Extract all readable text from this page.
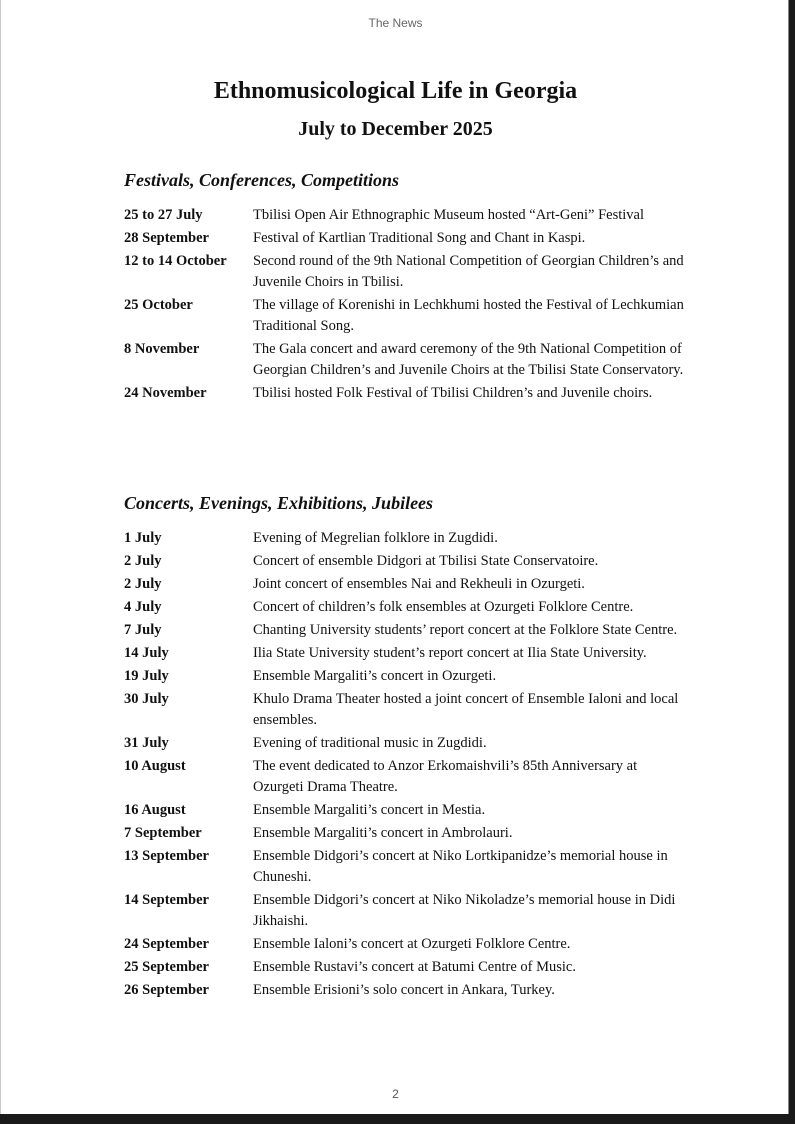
The News
Ethnomusicological Life in Georgia
July to December 2025
Festivals, Conferences, Competitions
25 to 27 July	Tbilisi Open Air Ethnographic Museum hosted “Art-Geni” Festival
28 September	Festival of Kartlian Traditional Song and Chant in Kaspi.
12 to 14 October	Second round of the 9th National Competition of Georgian Children’s and Juvenile Choirs in Tbilisi.
25 October	The village of Korenishi in Lechkhumi hosted the Festival of Lechkumian Traditional Song.
8 November	The Gala concert and award ceremony of the 9th National Competition of Georgian Children’s and Juvenile Choirs at the Tbilisi State Conservatory.
24 November	Tbilisi hosted Folk Festival of Tbilisi Children’s and Juvenile choirs.
Concerts, Evenings, Exhibitions, Jubilees
1 July	Evening of Megrelian folklore in Zugdidi.
2 July	Concert of ensemble Didgori at Tbilisi State Conservatoire.
2 July	Joint concert of ensembles Nai and Rekheuli in Ozurgeti.
4 July	Concert of children’s folk ensembles at Ozurgeti Folklore Centre.
7 July	Chanting University students’ report concert at the Folklore State Centre.
14 July	Ilia State University student’s report concert at Ilia State University.
19 July	Ensemble Margaliti’s concert in Ozurgeti.
30 July	Khulo Drama Theater hosted a joint concert of Ensemble Ialoni and local ensembles.
31 July	Evening of traditional music in Zugdidi.
10 August	The event dedicated to Anzor Erkomaishvili’s 85th Anniversary at Ozurgeti Drama Theatre.
16 August	Ensemble Margaliti’s concert in Mestia.
7 September	Ensemble Margaliti’s concert in Ambrolauri.
13 September	Ensemble Didgori’s concert at Niko Lortkipanidze’s memorial house in Chuneshi.
14 September	Ensemble Didgori’s concert at Niko Nikoladze’s memorial house in Didi Jikhaishi.
24 September	Ensemble Ialoni’s concert at Ozurgeti Folklore Centre.
25 September	Ensemble Rustavi’s concert at Batumi Centre of Music.
26 September	Ensemble Erisioni’s solo concert in Ankara, Turkey.
2
